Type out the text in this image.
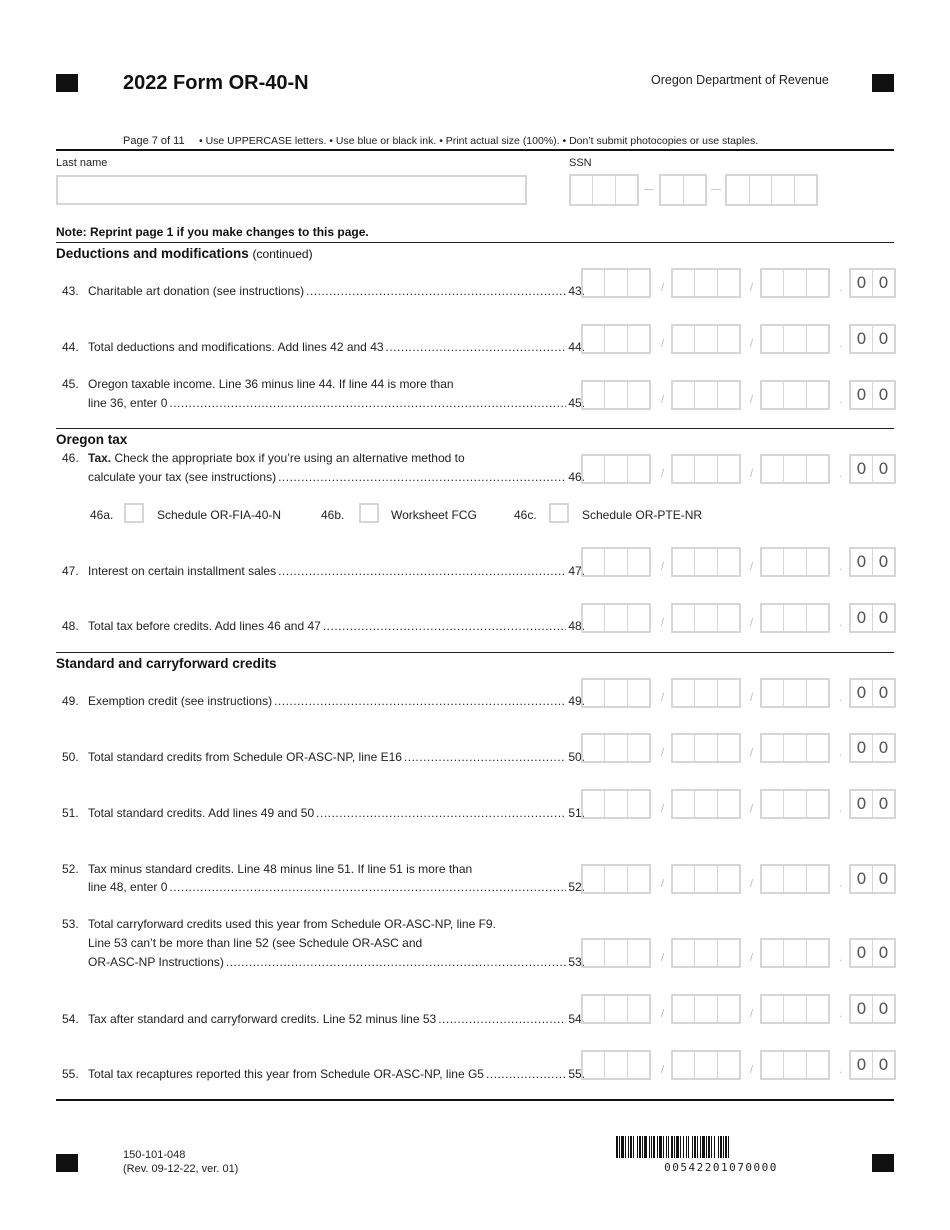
2022 Form OR-40-N	Oregon Department of Revenue
Page 7 of 11 • Use UPPERCASE letters. • Use blue or black ink. • Print actual size (100%). • Don’t submit photocopies or use staples.
Last name	SSN
Note: Reprint page 1 if you make changes to this page.
Deductions and modifications (continued)
43. Charitable art donation (see instructions) .....	43.	/	/	. 0 0
44. Total deductions and modifications. Add lines 42 and 43 .....	44.	/	/	. 0 0
45. Oregon taxable income. Line 36 minus line 44. If line 44 is more than
line 36, enter 0 .....	45.	/	/	. 0 0
Oregon tax
46. Tax. Check the appropriate box if you’re using an alternative method to
calculate your tax (see instructions) .....	46.	/	/	. 0 0
46a.	Schedule OR-FIA-40-N	46b.	Worksheet FCG	46c.	Schedule OR-PTE-NR
47. Interest on certain installment sales .....	47.	/	/	. 0 0
48. Total tax before credits. Add lines 46 and 47 .....	48.	/	/	. 0 0
Standard and carryforward credits
49. Exemption credit (see instructions) .....	49.	/	/	. 0 0
50. Total standard credits from Schedule OR-ASC-NP, line E16 .....	50.	/	/	. 0 0
51. Total standard credits. Add lines 49 and 50 .....	51.	/	/	. 0 0
52. Tax minus standard credits. Line 48 minus line 51. If line 51 is more than
line 48, enter 0 .....	52.	/	/	. 0 0
53. Total carryforward credits used this year from Schedule OR-ASC-NP, line F9.
Line 53 can’t be more than line 52 (see Schedule OR-ASC and
OR-ASC-NP Instructions) .....	53.	/	/	. 0 0
54. Tax after standard and carryforward credits. Line 52 minus line 53 .....	54.	/	/	. 0 0
55. Total tax recaptures reported this year from Schedule OR-ASC-NP, line G5 .....	55.	/	/	. 0 0
150-101-048
(Rev. 09-12-22, ver. 01)	00542201070000
